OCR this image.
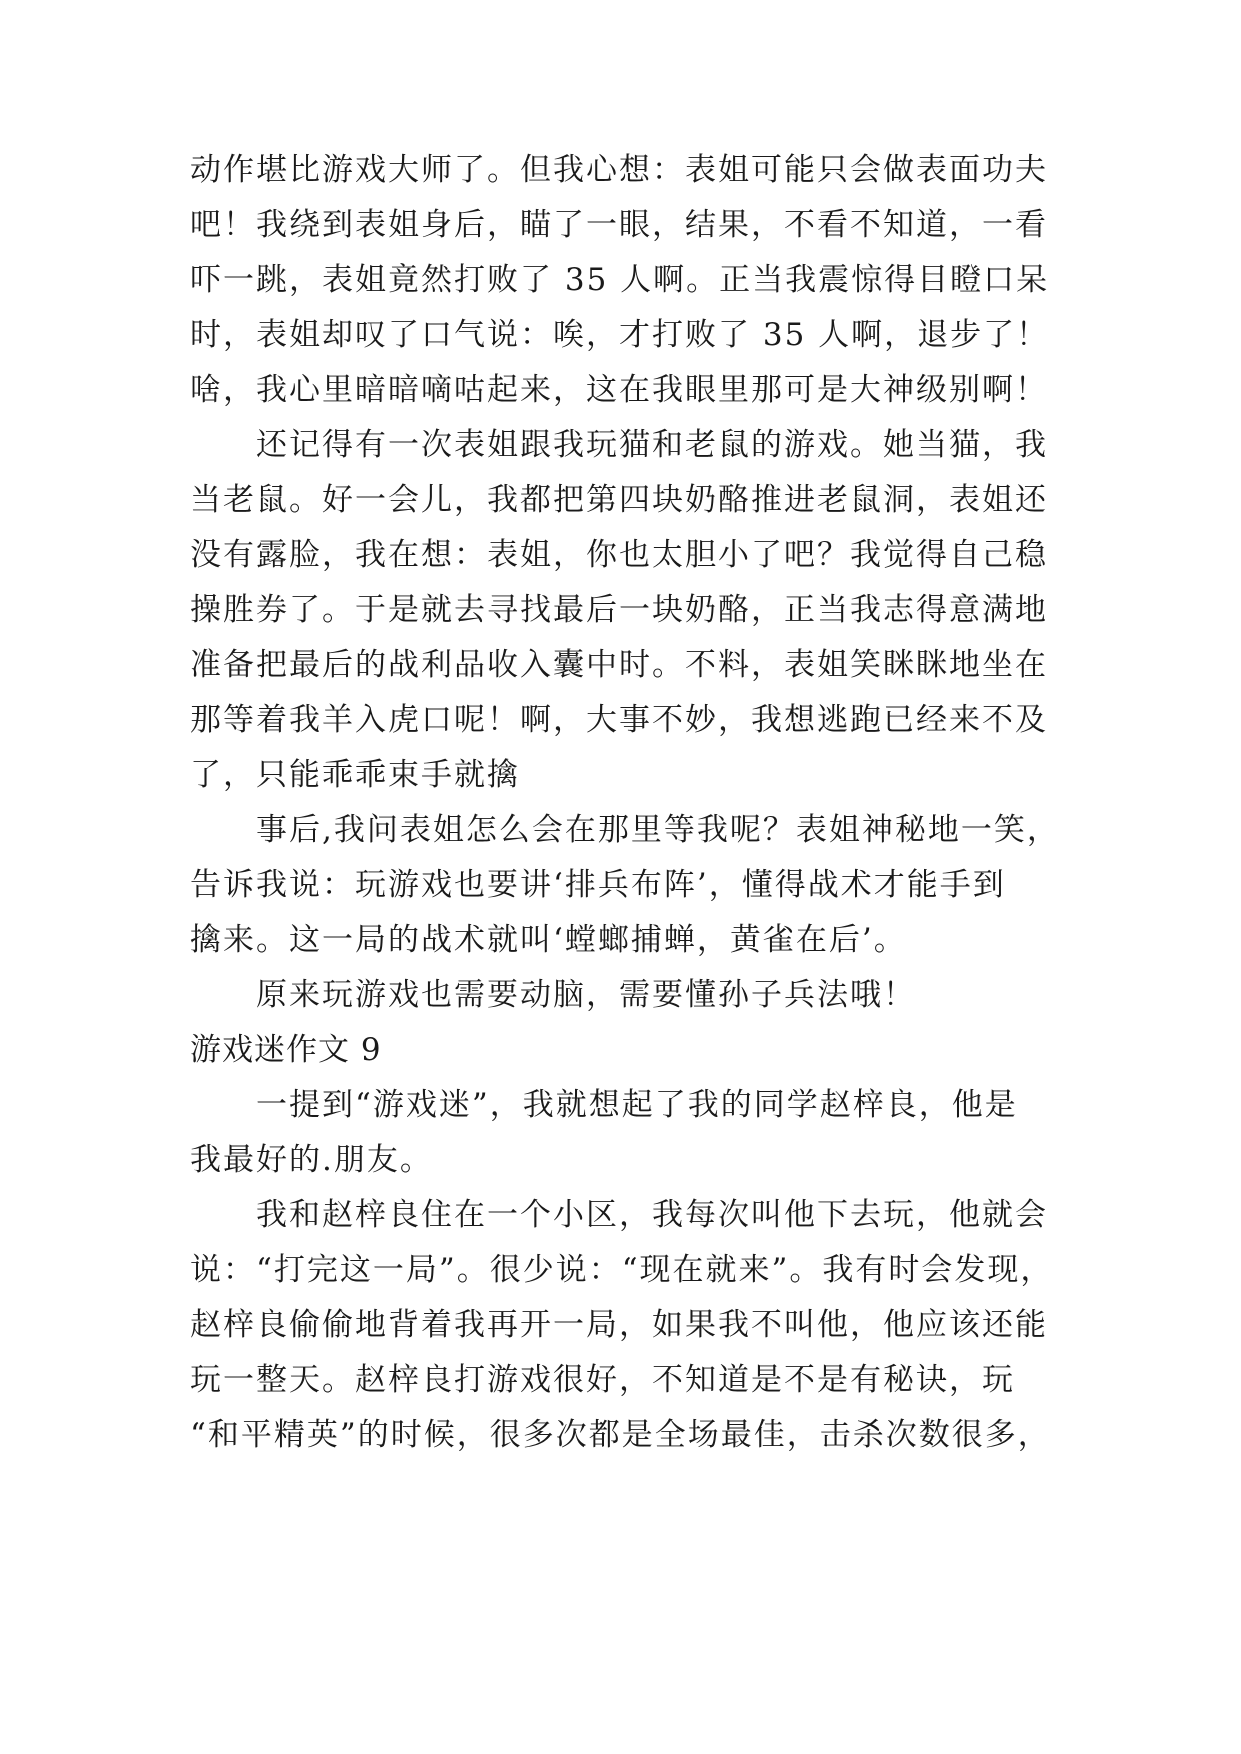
动作堪比游戏大师了。但我心想：表姐可能只会做表面功夫
吧！我绕到表姐身后，瞄了一眼，结果，不看不知道，一看
吓一跳，表姐竟然打败了 35 人啊。正当我震惊得目瞪口呆
时，表姐却叹了口气说：唉，才打败了 35 人啊，退步了！
啥，我心里暗暗嘀咕起来，这在我眼里那可是大神级别啊！
还记得有一次表姐跟我玩猫和老鼠的游戏。她当猫，我
当老鼠。好一会儿，我都把第四块奶酪推进老鼠洞，表姐还
没有露脸，我在想：表姐，你也太胆小了吧？我觉得自己稳
操胜券了。于是就去寻找最后一块奶酪，正当我志得意满地
准备把最后的战利品收入囊中时。不料，表姐笑眯眯地坐在
那等着我羊入虎口呢！啊，大事不妙，我想逃跑已经来不及
了，只能乖乖束手就擒
事后,我问表姐怎么会在那里等我呢？表姐神秘地一笑，
告诉我说：玩游戏也要讲‘排兵布阵’，懂得战术才能手到
擒来。这一局的战术就叫‘螳螂捕蝉，黄雀在后’。
原来玩游戏也需要动脑，需要懂孙子兵法哦！
游戏迷作文 9
一提到“游戏迷”，我就想起了我的同学赵梓良，他是
我最好的.朋友。
我和赵梓良住在一个小区，我每次叫他下去玩，他就会
说：“打完这一局”。很少说：“现在就来”。我有时会发现，
赵梓良偷偷地背着我再开一局，如果我不叫他，他应该还能
玩一整天。赵梓良打游戏很好，不知道是不是有秘诀，玩
“和平精英”的时候，很多次都是全场最佳，击杀次数很多，
